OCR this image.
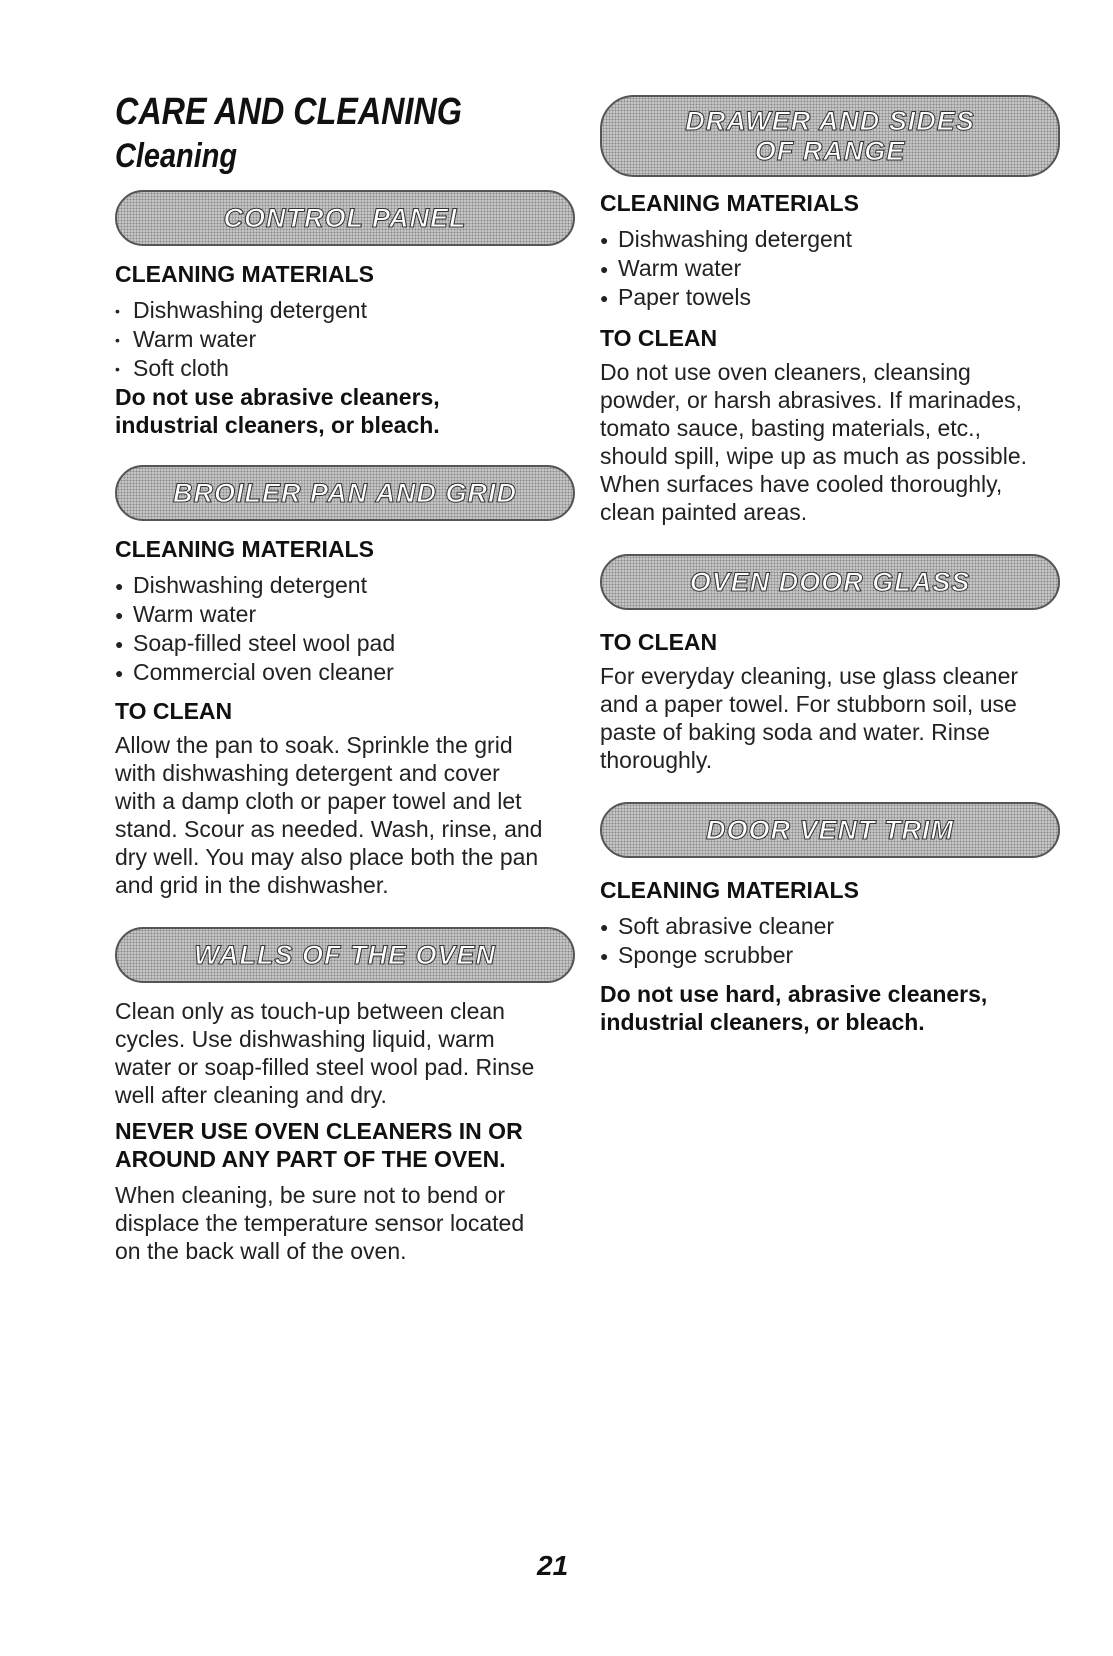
CARE AND CLEANING
Cleaning
CONTROL PANEL

CLEANING MATERIALS

• Dishwashing detergent
• Warm water
• Soft cloth

Do not use abrasive cleaners, industrial cleaners, or bleach.

BROILER PAN AND GRID

CLEANING MATERIALS

● Dishwashing detergent
● Warm water
● Soap-filled steel wool pad
● Commercial oven cleaner

TO CLEAN

Allow the pan to soak. Sprinkle the grid with dishwashing detergent and cover with a damp cloth or paper towel and let stand. Scour as needed. Wash, rinse, and dry well. You may also place both the pan and grid in the dishwasher.

WALLS OF THE OVEN

Clean only as touch-up between clean cycles. Use dishwashing liquid, warm water or soap-filled steel wool pad. Rinse well after cleaning and dry.

NEVER USE OVEN CLEANERS IN OR AROUND ANY PART OF THE OVEN.

When cleaning, be sure not to bend or displace the temperature sensor located on the back wall of the oven.

DRAWER AND SIDES
OF RANGE

CLEANING MATERIALS

● Dishwashing detergent
● Warm water
● Paper towels

TO CLEAN

Do not use oven cleaners, cleansing powder, or harsh abrasives. If marinades, tomato sauce, basting materials, etc., should spill, wipe up as much as possible. When surfaces have cooled thoroughly, clean painted areas.

OVEN DOOR GLASS

TO CLEAN

For everyday cleaning, use glass cleaner and a paper towel. For stubborn soil, use paste of baking soda and water. Rinse thoroughly.

DOOR VENT TRIM

CLEANING MATERIALS

● Soft abrasive cleaner
● Sponge scrubber

Do not use hard, abrasive cleaners, industrial cleaners, or bleach.

21
